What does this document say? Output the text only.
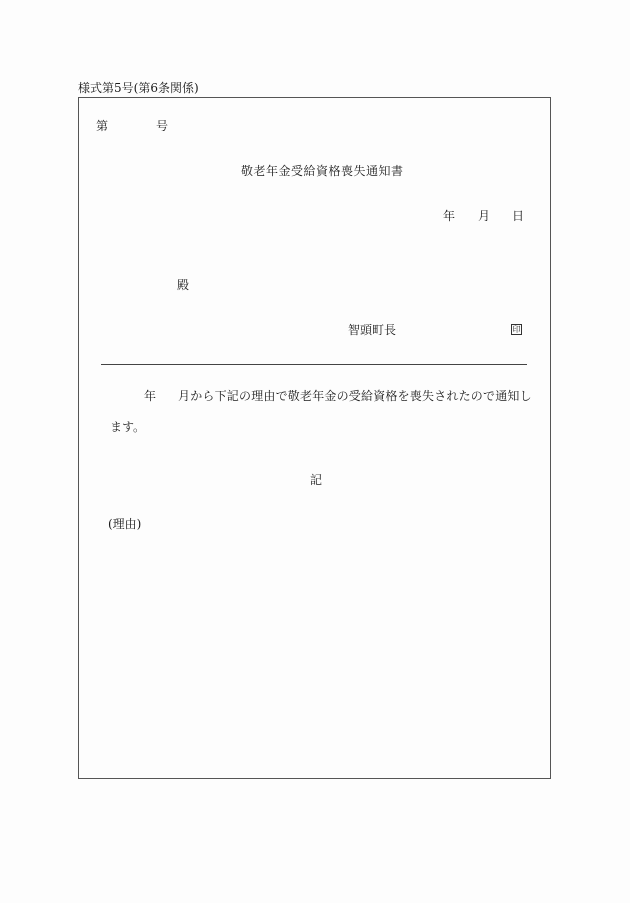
様式第5号(第6条関係)
第	号
敬老年金受給資格喪失通知書
年 月 日
殿
智頭町長	印
年 月から下記の理由で敬老年金の受給資格を喪失されたので通知し
ます。
記
(理由)
